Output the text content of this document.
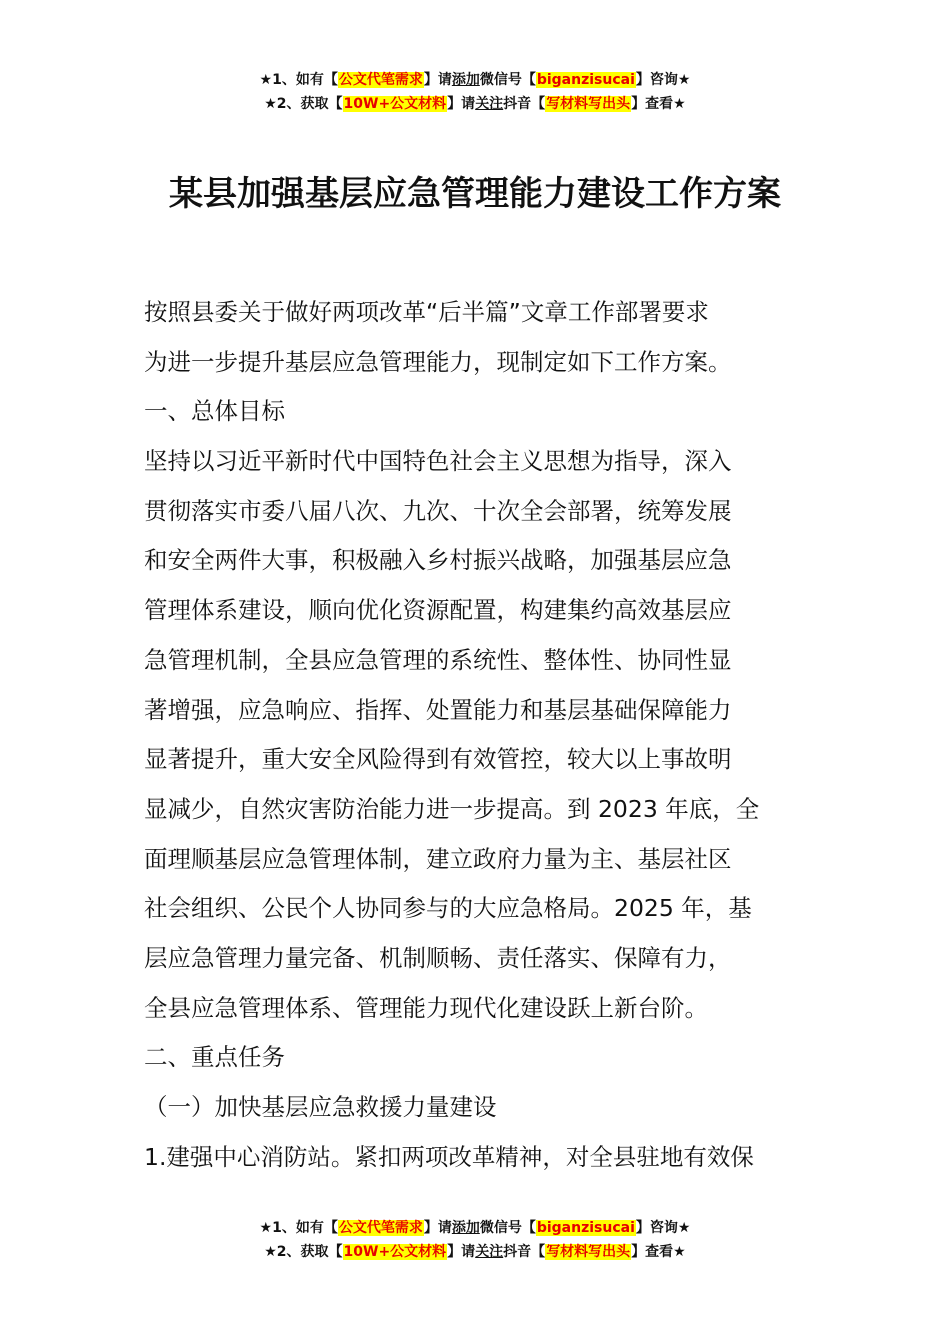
★1、如有【公文代笔需求】请添加微信号【biganzisucai】咨询★
★2、获取【10W+公文材料】请关注抖音【写材料写出头】查看★
某县加强基层应急管理能力建设工作方案

按照县委关于做好两项改革“后半篇”文章工作部署要求

为进一步提升基层应急管理能力，现制定如下工作方案。

一、总体目标

坚持以习近平新时代中国特色社会主义思想为指导，深入

贯彻落实市委八届八次、九次、十次全会部署，统筹发展

和安全两件大事，积极融入乡村振兴战略，加强基层应急

管理体系建设，顺向优化资源配置，构建集约高效基层应

急管理机制，全县应急管理的系统性、整体性、协同性显

著增强，应急响应、指挥、处置能力和基层基础保障能力

显著提升，重大安全风险得到有效管控，较大以上事故明

显减少，自然灾害防治能力进一步提高。到 2023 年底，全

面理顺基层应急管理体制，建立政府力量为主、基层社区

社会组织、公民个人协同参与的大应急格局。2025 年，基

层应急管理力量完备、机制顺畅、责任落实、保障有力，

全县应急管理体系、管理能力现代化建设跃上新台阶。

二、重点任务

（一）加快基层应急救援力量建设

1.建强中心消防站。紧扣两项改革精神，对全县驻地有效保

★1、如有【公文代笔需求】请添加微信号【biganzisucai】咨询★
★2、获取【10W+公文材料】请关注抖音【写材料写出头】查看★
